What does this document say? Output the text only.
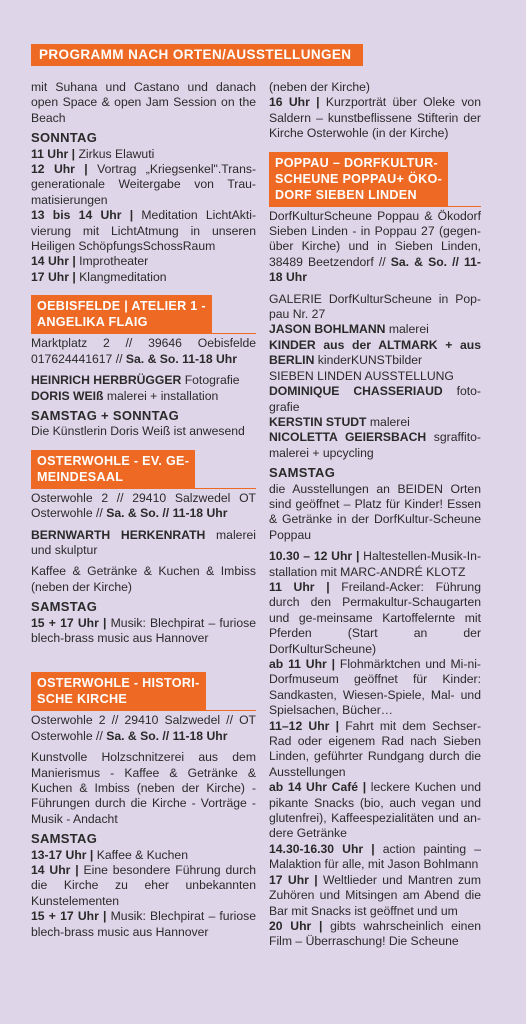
PROGRAMM NACH ORTEN/AUSSTELLUNGEN

mit Suhana und Castano und danach open Space & open Jam Session on the Beach

SONNTAG

11 Uhr | Zirkus Elawuti

12 Uhr | Vortrag „Kriegsenkel".Trans-generationale Weitergabe von Trau-matisierungen

13 bis 14 Uhr | Meditation LichtAkti-vierung mit LichtAtmung in unseren Heiligen SchöpfungsSchossRaum

14 Uhr | Improtheater

17 Uhr | Klangmeditation

OEBISFELDE | ATELIER 1 -
ANGELIKA FLAIG

Marktplatz 2 // 39646 Oebisfelde 017624441617 // Sa. & So. 11-18 Uhr

HEINRICH HERBRÜGGER Fotografie

DORIS WEIß malerei + installation

SAMSTAG + SONNTAG

Die Künstlerin Doris Weiß ist anwesend

OSTERWOHLE - EV. GE-
MEINDESAAL

Osterwohle 2 // 29410 Salzwedel OT Osterwohle // Sa. & So. // 11-18 Uhr

BERNWARTH HERKENRATH malerei und skulptur

Kaffee & Getränke & Kuchen & Imbiss (neben der Kirche)

SAMSTAG

15 + 17 Uhr | Musik: Blechpirat – furiose blech-brass music aus Hannover

OSTERWOHLE - HISTORI-
SCHE KIRCHE

Osterwohle 2 // 29410 Salzwedel // OT Osterwohle // Sa. & So. // 11-18 Uhr

Kunstvolle Holzschnitzerei aus dem Manierismus - Kaffee & Getränke & Kuchen & Imbiss (neben der Kirche) - Führungen durch die Kirche - Vorträge - Musik - Andacht

SAMSTAG

13-17 Uhr | Kaffee & Kuchen

14 Uhr | Eine besondere Führung durch die Kirche zu eher unbekannten Kunstelementen

15 + 17 Uhr | Musik: Blechpirat – furiose blech-brass music aus Hannover

(neben der Kirche)

16 Uhr | Kurzporträt über Oleke von Saldern – kunstbeflissene Stifterin der Kirche Osterwohle (in der Kirche)

POPPAU – DORFKULTUR-
SCHEUNE POPPAU+ ÖKO-
DORF SIEBEN LINDEN

DorfKulturScheune Poppau & Ökodorf Sieben Linden - in Poppau 27 (gegen-über Kirche) und in Sieben Linden, 38489 Beetzendorf // Sa. & So. // 11-18 Uhr

GALERIE DorfKulturScheune in Pop-pau Nr. 27

JASON BOHLMANN malerei

KINDER aus der ALTMARK + aus BERLIN kinderKUNSTbilder

SIEBEN LINDEN AUSSTELLUNG

DOMINIQUE CHASSERIAUD foto-grafie

KERSTIN STUDT malerei

NICOLETTA GEIERSBACH sgraffito-malerei + upcycling

SAMSTAG

die Ausstellungen an BEIDEN Orten sind geöffnet – Platz für Kinder! Essen & Getränke in der DorfKultur-Scheune Poppau

10.30 – 12 Uhr | Haltestellen-Musik-In-stallation mit MARC-ANDRÉ KLOTZ

11 Uhr | Freiland-Acker: Führung durch den Permakultur-Schaugarten und ge-meinsame Kartoffelernte mit Pferden (Start an der DorfKulturScheune)

ab 11 Uhr | Flohmärktchen und Mi-ni-Dorfmuseum geöffnet für Kinder: Sandkasten, Wiesen-Spiele, Mal- und Spielsachen, Bücher…

11–12 Uhr | Fahrt mit dem Sechser-Rad oder eigenem Rad nach Sieben Linden, geführter Rundgang durch die Ausstellungen

ab 14 Uhr Café | leckere Kuchen und pikante Snacks (bio, auch vegan und glutenfrei), Kaffeespezialitäten und an-dere Getränke

14.30-16.30 Uhr | action painting – Malaktion für alle, mit Jason Bohlmann

17 Uhr | Weltlieder und Mantren zum Zuhören und Mitsingen am Abend die Bar mit Snacks ist geöffnet und um

20 Uhr | gibts wahrscheinlich einen Film – Überraschung! Die Scheune
